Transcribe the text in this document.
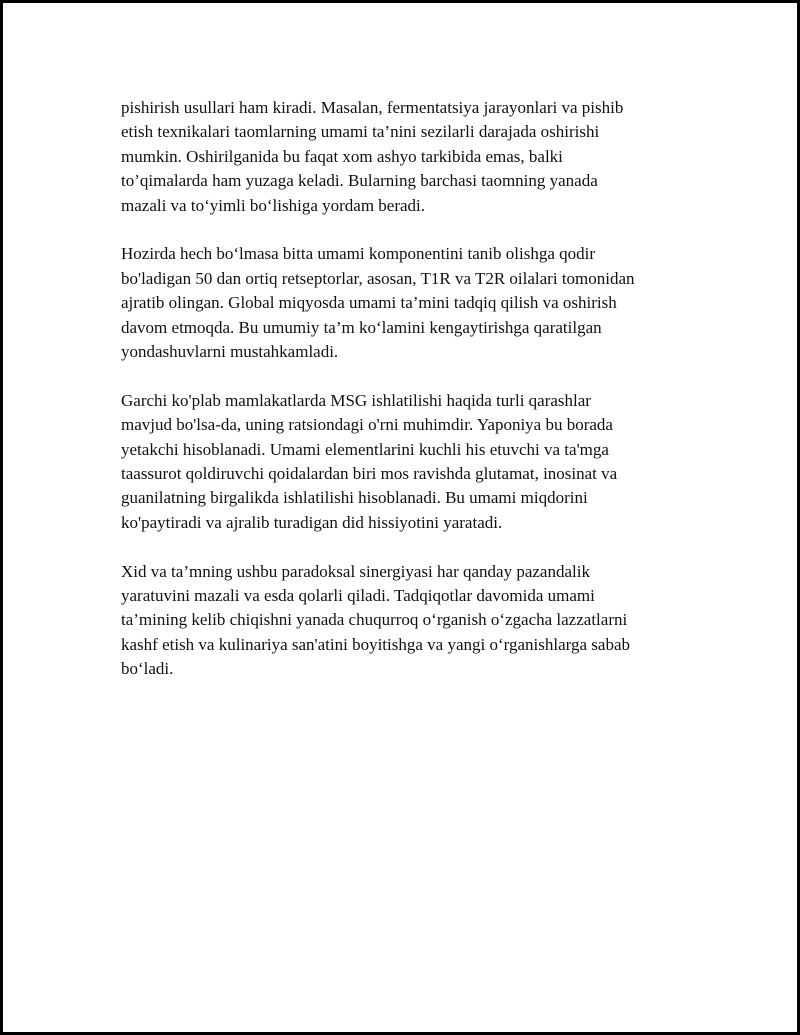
pishirish usullari ham kiradi. Masalan, fermentatsiya jarayonlari va pishib
etish texnikalari taomlarning umami ta’nini sezilarli darajada oshirishi
mumkin. Oshirilganida bu faqat xom ashyo tarkibida emas, balki
to’qimalarda ham yuzaga keladi. Bularning barchasi taomning yanada
mazali va to‘yimli bo‘lishiga yordam beradi.

Hozirda hech bo‘lmasa bitta umami komponentini tanib olishga qodir
bo'ladigan 50 dan ortiq retseptorlar, asosan, T1R va T2R oilalari tomonidan
ajratib olingan. Global miqyosda umami ta’mini tadqiq qilish va oshirish
davom etmoqda. Bu umumiy ta’m ko‘lamini kengaytirishga qaratilgan
yondashuvlarni mustahkamladi.

Garchi ko'plab mamlakatlarda MSG ishlatilishi haqida turli qarashlar
mavjud bo'lsa-da, uning ratsiondagi o'rni muhimdir. Yaponiya bu borada
yetakchi hisoblanadi. Umami elementlarini kuchli his etuvchi va ta'mga
taassurot qoldiruvchi qoidalardan biri mos ravishda glutamat, inosinat va
guanilatning birgalikda ishlatilishi hisoblanadi. Bu umami miqdorini
ko'paytiradi va ajralib turadigan did hissiyotini yaratadi.

Xid va ta’mning ushbu paradoksal sinergiyasi har qanday pazandalik
yaratuvini mazali va esda qolarli qiladi. Tadqiqotlar davomida umami
ta’mining kelib chiqishni yanada chuqurroq o‘rganish o‘zgacha lazzatlarni
kashf etish va kulinariya san'atini boyitishga va yangi o‘rganishlarga sabab
bo‘ladi.
